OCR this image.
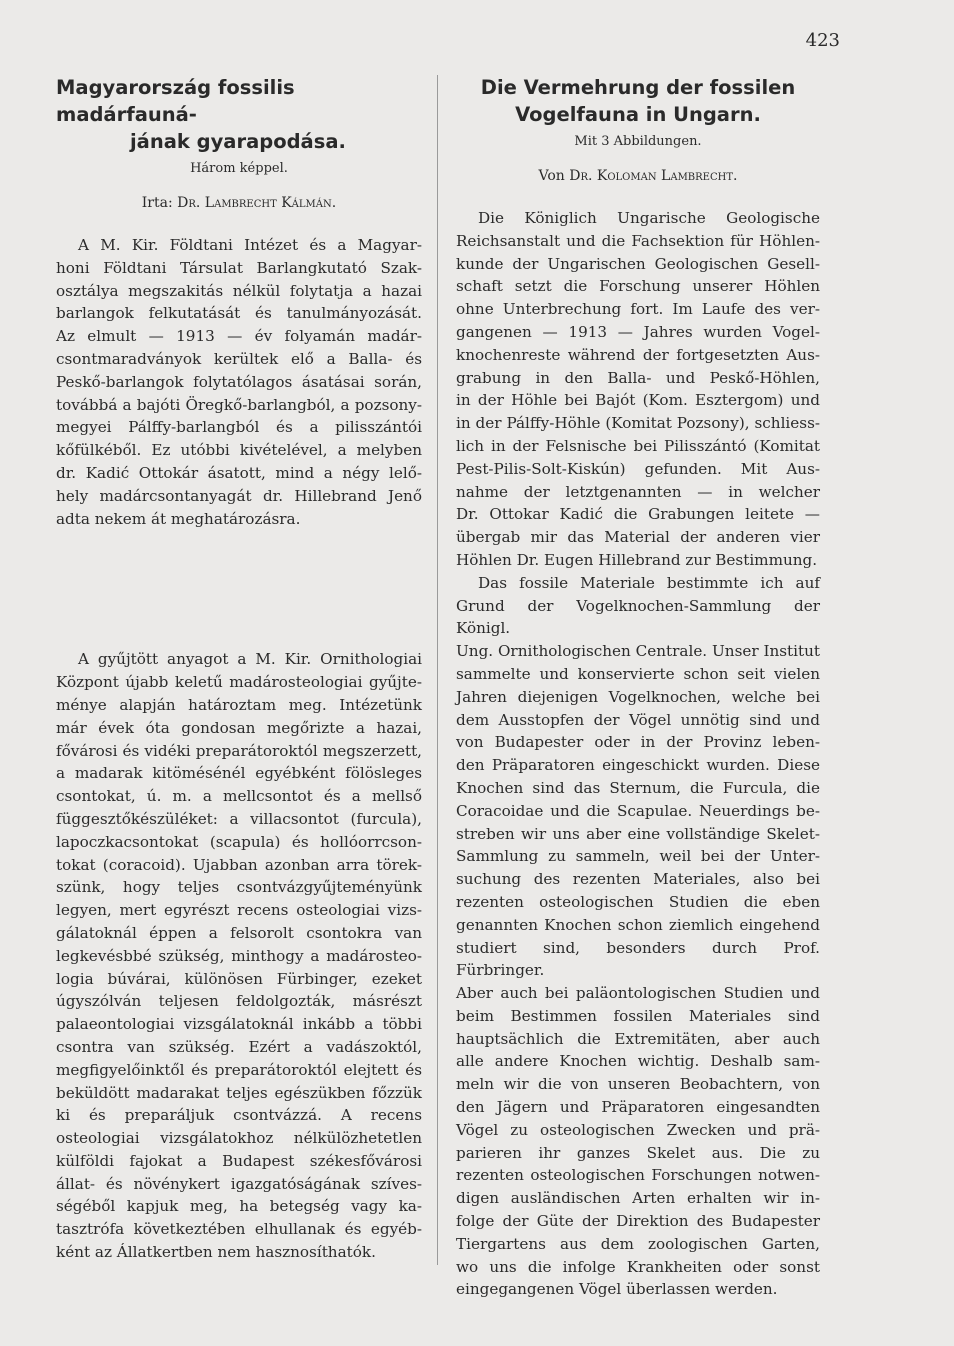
423
Magyarország fossilis madárfauná-
jának gyarapodása.
Három képpel.
Irta: Dr. Lambrecht Kálmán.

A M. Kir. Földtani Intézet és a Magyar-
honi Földtani Társulat Barlangkutató Szak-
osztálya megszakitás nélkül folytatja a hazai
barlangok felkutatását és tanulmányozását.
Az elmult — 1913 — év folyamán madár-
csontmaradványok kerültek elő a Balla- és
Peskő-barlangok folytatólagos ásatásai során,
továbbá a bajóti Öregkő-barlangból, a pozsony-
megyei Pálffy-barlangból és a pilisszántói
kőfülkéből. Ez utóbbi kivételével, a melyben
dr. Kadić Ottokár ásatott, mind a négy lelő-
hely madárcsontanyagát dr. Hillebrand Jenő
adta nekem át meghatározásra.

A gyűjtött anyagot a M. Kir. Ornithologiai
Központ újabb keletű madárosteologiai gyűjte-
ménye alapján határoztam meg. Intézetünk
már évek óta gondosan megőrizte a hazai,
fővárosi és vidéki preparátoroktól megszerzett,
a madarak kitömésénél egyébként fölösleges
csontokat, ú. m. a mellcsontot és a mellső
függesztőkészüléket: a villacsontot (furcula),
lapoczkacsontokat (scapula) és hollóorrcson-
tokat (coracoid). Ujabban azonban arra törek-
szünk, hogy teljes csontvázgyűjteményünk
legyen, mert egyrészt recens osteologiai vizs-
gálatoknál éppen a felsorolt csontokra van
legkevésbbé szükség, minthogy a madárosteo-
logia búvárai, különösen Fürbinger, ezeket
úgyszólván teljesen feldolgozták, másrészt
palaeontologiai vizsgálatoknál inkább a többi
csontra van szükség. Ezért a vadászoktól,
megfigyelőinktől és preparátoroktól elejtett és
beküldött madarakat teljes egészükben főzzük
ki és preparáljuk csontvázzá. A recens
osteologiai vizsgálatokhoz nélkülözhetetlen
külföldi fajokat a Budapest székesfővárosi
állat- és növénykert igazgatóságának szíves-
ségéből kapjuk meg, ha betegség vagy ka-
tasztrófa következtében elhullanak és egyéb-
ként az Állatkertben nem hasznosíthatók.

Die Vermehrung der fossilen
Vogelfauna in Ungarn.
Mit 3 Abbildungen.
Von Dr. Koloman Lambrecht.

Die Königlich Ungarische Geologische
Reichsanstalt und die Fachsektion für Höhlen-
kunde der Ungarischen Geologischen Gesell-
schaft setzt die Forschung unserer Höhlen
ohne Unterbrechung fort. Im Laufe des ver-
gangenen — 1913 — Jahres wurden Vogel-
knochenreste während der fortgesetzten Aus-
grabung in den Balla- und Peskő-Höhlen,
in der Höhle bei Bajót (Kom. Esztergom) und
in der Pálffy-Höhle (Komitat Pozsony), schliess-
lich in der Felsnische bei Pilisszántó (Komitat
Pest-Pilis-Solt-Kiskún) gefunden. Mit Aus-
nahme der letztgenannten — in welcher
Dr. Ottokar Kadić die Grabungen leitete —
übergab mir das Material der anderen vier
Höhlen Dr. Eugen Hillebrand zur Bestimmung.

Das fossile Materiale bestimmte ich auf
Grund der Vogelknochen-Sammlung der Königl.
Ung. Ornithologischen Centrale. Unser Institut
sammelte und konservierte schon seit vielen
Jahren diejenigen Vogelknochen, welche bei
dem Ausstopfen der Vögel unnötig sind und
von Budapester oder in der Provinz leben-
den Präparatoren eingeschickt wurden. Diese
Knochen sind das Sternum, die Furcula, die
Coracoidae und die Scapulae. Neuerdings be-
streben wir uns aber eine vollständige Skelet-
Sammlung zu sammeln, weil bei der Unter-
suchung des rezenten Materiales, also bei
rezenten osteologischen Studien die eben
genannten Knochen schon ziemlich eingehend
studiert sind, besonders durch Prof. Fürbringer.
Aber auch bei paläontologischen Studien und
beim Bestimmen fossilen Materiales sind
hauptsächlich die Extremitäten, aber auch
alle andere Knochen wichtig. Deshalb sam-
meln wir die von unseren Beobachtern, von
den Jägern und Präparatoren eingesandten
Vögel zu osteologischen Zwecken und prä-
parieren ihr ganzes Skelet aus. Die zu
rezenten osteologischen Forschungen notwen-
digen ausländischen Arten erhalten wir in-
folge der Güte der Direktion des Budapester
Tiergartens aus dem zoologischen Garten,
wo uns die infolge Krankheiten oder sonst
eingegangenen Vögel überlassen werden.
